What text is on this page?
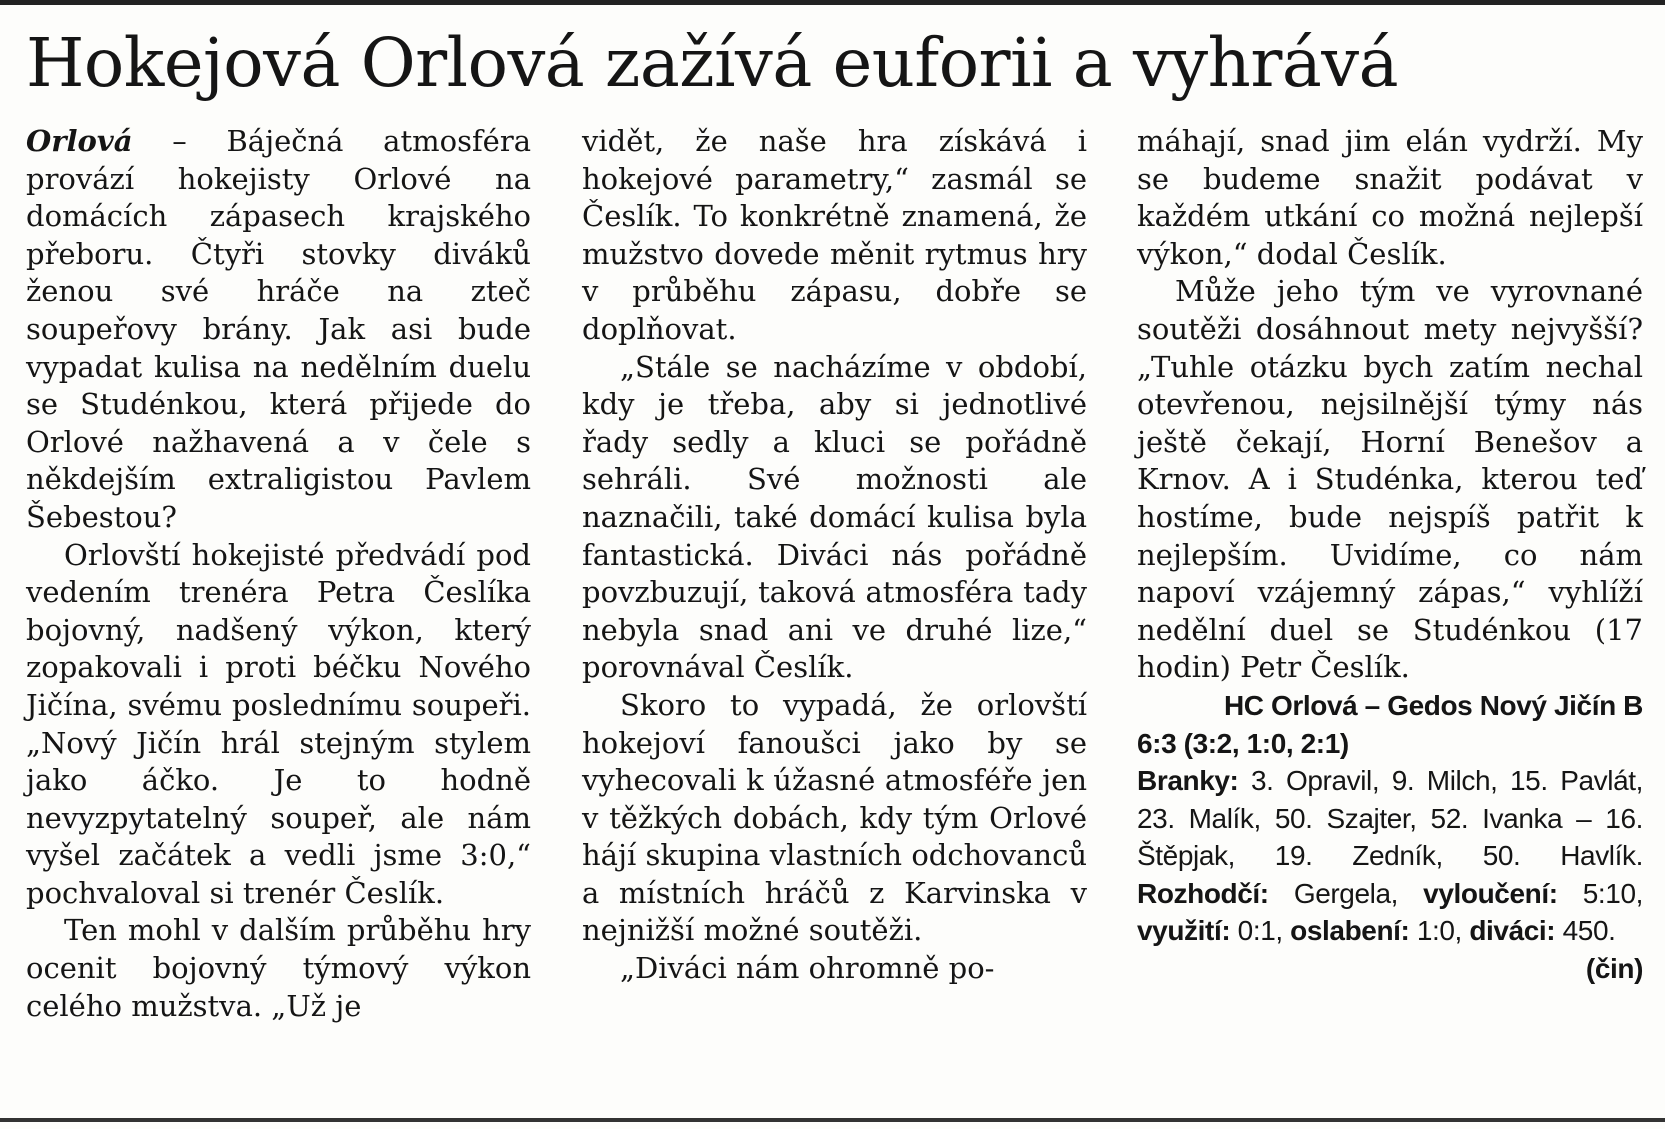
Hokejová Orlová zažívá euforii a vyhrává

Orlová – Báječná atmosféra provází hokejisty Orlové na domácích zápasech krajského přeboru. Čtyři stovky diváků ženou své hráče na zteč soupeřovy brány. Jak asi bude vypadat kulisa na nedělním duelu se Studénkou, která přijede do Orlové nažhavená a v čele s někdejším extraligistou Pavlem Šebestou?

Orlovští hokejisté předvádí pod vedením trenéra Petra Česlíka bojovný, nadšený výkon, který zopakovali i proti béčku Nového Jičína, svému poslednímu soupeři. „Nový Jičín hrál stejným stylem jako áčko. Je to hodně nevyzpytatelný soupeř, ale nám vyšel začátek a vedli jsme 3:0,“ pochvaloval si trenér Česlík.

Ten mohl v dalším průběhu hry ocenit bojovný týmový výkon celého mužstva. „Už je

vidět, že naše hra získává i hokejové parametry,“ zasmál se Česlík. To konkrétně znamená, že mužstvo dovede měnit rytmus hry v průběhu zápasu, dobře se doplňovat.

„Stále se nacházíme v období, kdy je třeba, aby si jednotlivé řady sedly a kluci se pořádně sehráli. Své možnosti ale naznačili, také domácí kulisa byla fantastická. Diváci nás pořádně povzbuzují, taková atmosféra tady nebyla snad ani ve druhé lize,“ porovnával Česlík.

Skoro to vypadá, že orlovští hokejoví fanoušci jako by se vyhecovali k úžasné atmosféře jen v těžkých dobách, kdy tým Orlové hájí skupina vlastních odchovanců a místních hráčů z Karvinska v nejnižší možné soutěži.

„Diváci nám ohromně po-

máhají, snad jim elán vydrží. My se budeme snažit podávat v každém utkání co možná nejlepší výkon,“ dodal Česlík.

Může jeho tým ve vyrovnané soutěži dosáhnout mety nejvyšší? „Tuhle otázku bych zatím nechal otevřenou, nejsilnější týmy nás ještě čekají, Horní Benešov a Krnov. A i Studénka, kterou teď hostíme, bude nejspíš patřit k nejlepším. Uvidíme, co nám napoví vzájemný zápas,“ vyhlíží nedělní duel se Studénkou (17 hodin) Petr Česlík.

HC Orlová – Gedos Nový Jičín B

6:3 (3:2, 1:0, 2:1)

Branky: 3. Opravil, 9. Milch, 15. Pavlát, 23. Malík, 50. Szajter, 52. Ivanka – 16. Štěpjak, 19. Zedník, 50. Havlík. Rozhodčí: Gergela, vyloučení: 5:10, využití: 0:1, oslabení: 1:0, diváci: 450.
(čin)
